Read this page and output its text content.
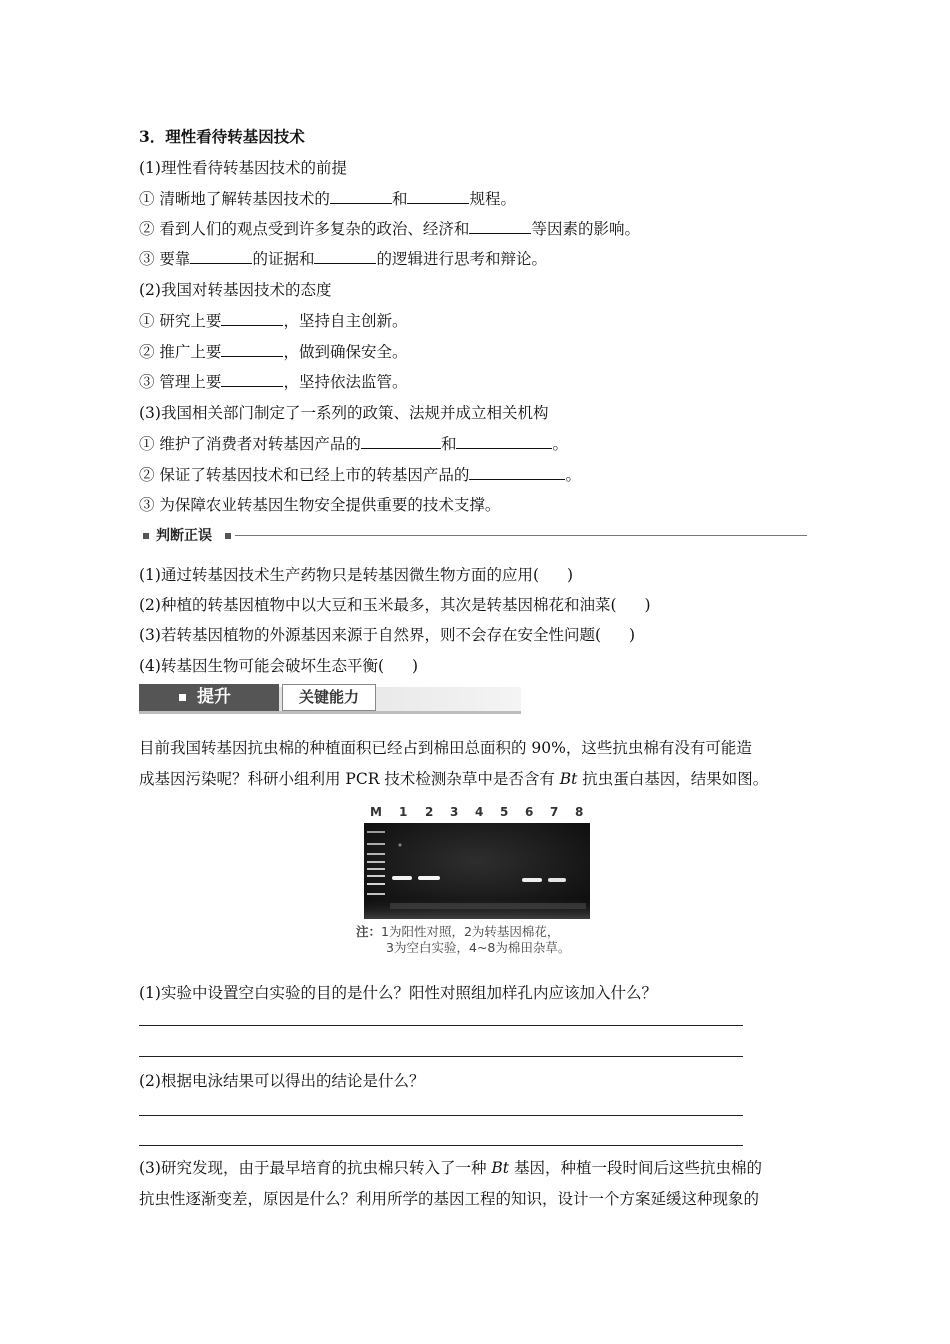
3．理性看待转基因技术
(1)理性看待转基因技术的前提
① 清晰地了解转基因技术的	和	规程。
② 看到人们的观点受到许多复杂的政治、经济和	等因素的影响。
③ 要靠	的证据和	的逻辑进行思考和辩论。
(2)我国对转基因技术的态度
① 研究上要	，坚持自主创新。
② 推广上要	，做到确保安全。
③ 管理上要	，坚持依法监管。
(3)我国相关部门制定了一系列的政策、法规并成立相关机构
① 维护了消费者对转基因产品的	和	。
② 保证了转基因技术和已经上市的转基因产品的	。
③ 为保障农业转基因生物安全提供重要的技术支撑。
判断正误
(1)通过转基因技术生产药物只是转基因微生物方面的应用( )
(2)种植的转基因植物中以大豆和玉米最多，其次是转基因棉花和油菜( )
(3)若转基因植物的外源基因来源于自然界，则不会存在安全性问题( )
(4)转基因生物可能会破坏生态平衡( )
提升	关键能力
目前我国转基因抗虫棉的种植面积已经占到棉田总面积的 90%，这些抗虫棉有没有可能造
成基因污染呢？科研小组利用 PCR 技术检测杂草中是否含有 Bt 抗虫蛋白基因，结果如图。
M 1 2 3 4 5 6 7 8
注：1为阳性对照，2为转基因棉花，
3为空白实验，4~8为棉田杂草。
(1)实验中设置空白实验的目的是什么？阳性对照组加样孔内应该加入什么？
(2)根据电泳结果可以得出的结论是什么？
(3)研究发现，由于最早培育的抗虫棉只转入了一种 Bt 基因，种植一段时间后这些抗虫棉的
抗虫性逐渐变差，原因是什么？利用所学的基因工程的知识，设计一个方案延缓这种现象的
